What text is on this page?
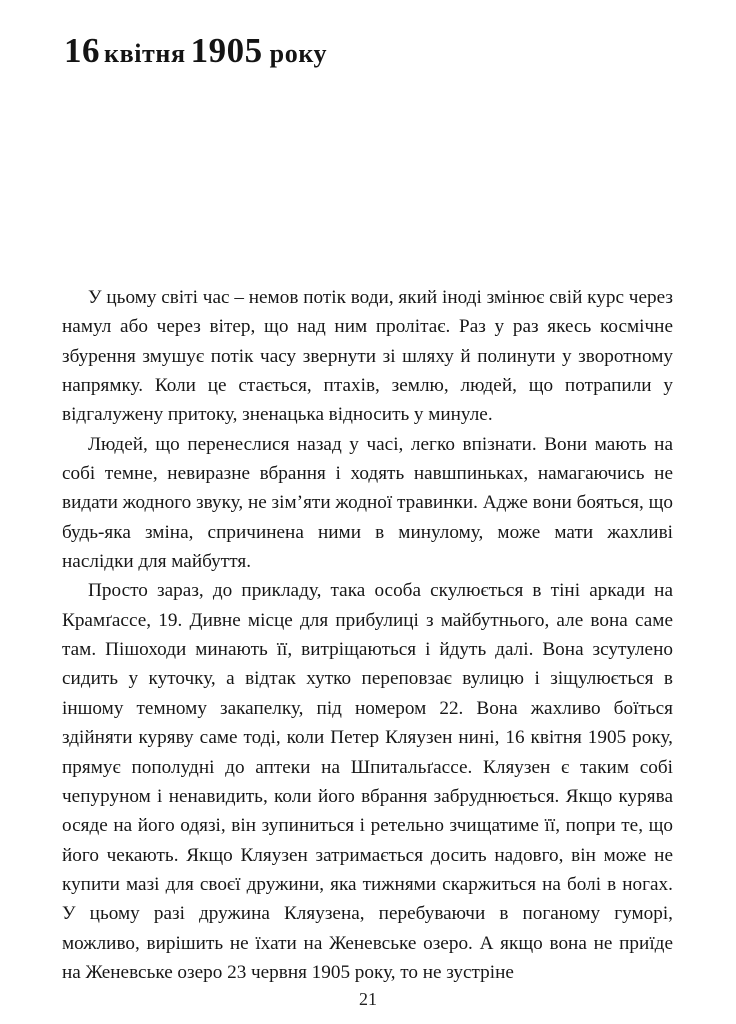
16 квітня 1905 року

У цьому світі час – немов потік води, який іноді змінює свій курс через намул або через вітер, що над ним пролітає. Раз у раз якесь космічне збурення змушує потік часу звернути зі шляху й полинути у зворотному напрямку. Коли це стається, птахів, землю, людей, що потрапили у відгалужену притоку, зненацька відносить у минуле.

Людей, що перенеслися назад у часі, легко впізнати. Вони мають на собі темне, невиразне вбрання і ходять навшпиньках, намагаючись не видати жодного звуку, не зім’яти жодної травинки. Адже вони бояться, що будь-яка зміна, спричинена ними в минулому, може мати жахливі наслідки для майбуття.

Просто зараз, до прикладу, така особа скулюється в тіні аркади на Крамґассе, 19. Дивне місце для прибулиці з майбутнього, але вона саме там. Пішоходи минають її, витріщаються і йдуть далі. Вона зсутулено сидить у куточку, а відтак хутко переповзає вулицю і зіщулюється в іншому темному закапелку, під номером 22. Вона жахливо боїться здійняти куряву саме тоді, коли Петер Кляузен нині, 16 квітня 1905 року, прямує пополудні до аптеки на Шпитальґассе. Кляузен є таким собі чепуруном і ненавидить, коли його вбрання забруднюється. Якщо курява осяде на його одязі, він зупиниться і ретельно зчищатиме її, попри те, що його чекають. Якщо Кляузен затримається досить надовго, він може не купити мазі для своєї дружини, яка тижнями скаржиться на болі в ногах. У цьому разі дружина Кляузена, перебуваючи в поганому гуморі, можливо, вирішить не їхати на Женевське озеро. А якщо вона не приїде на Женевське озеро 23 червня 1905 року, то не зустріне

21
